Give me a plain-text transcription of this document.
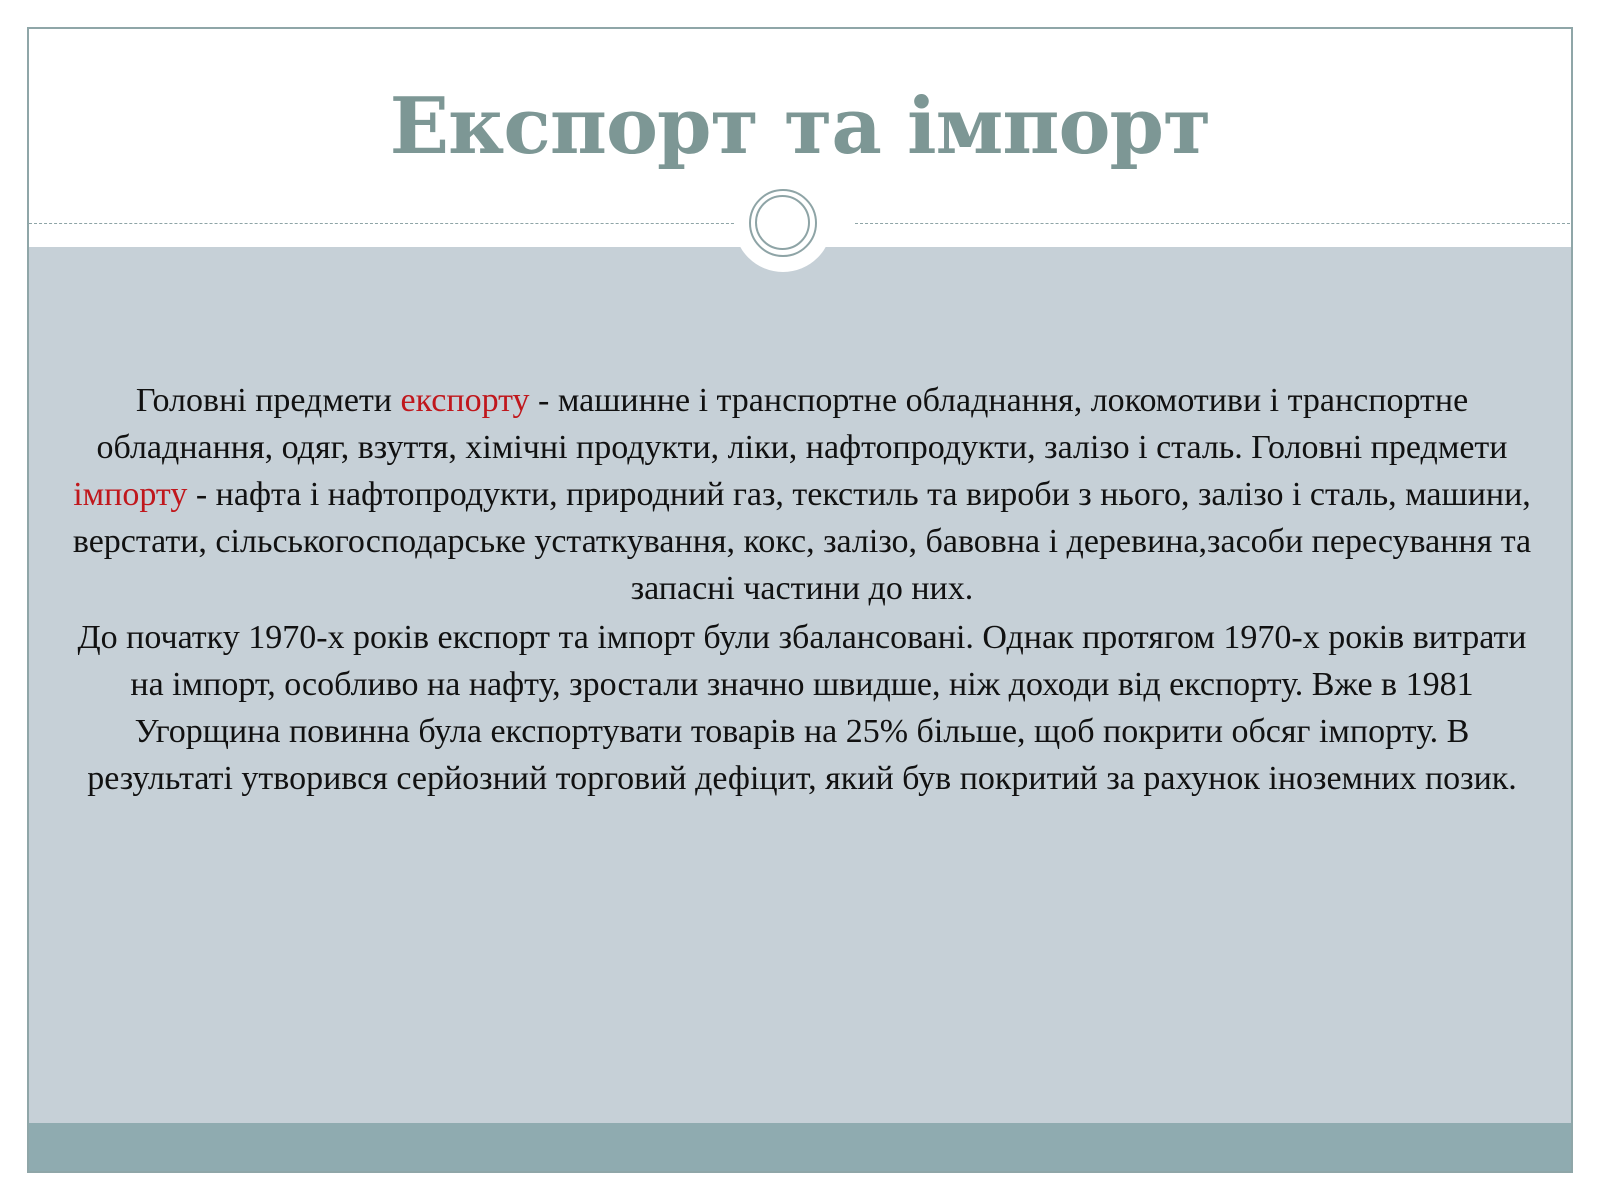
Експорт та імпорт

Головні предмети експорту - машинне і транспортне обладнання, локомотиви і транспортне обладнання, одяг, взуття, хімічні продукти, ліки, нафтопродукти, залізо і сталь. Головні предмети імпорту - нафта і нафтопродукти, природний газ, текстиль та вироби з нього, залізо і сталь, машини, верстати, сільськогосподарське устаткування, кокс, залізо, бавовна і деревина,засоби пересування та запасні частини до них.

До початку 1970-х років експорт та імпорт були збалансовані. Однак протягом 1970-х років витрати на імпорт, особливо на нафту, зростали значно швидше, ніж доходи від експорту. Вже в 1981 Угорщина повинна була експортувати товарів на 25% більше, щоб покрити обсяг імпорту. В результаті утворився серйозний торговий дефіцит, який був покритий за рахунок іноземних позик.
